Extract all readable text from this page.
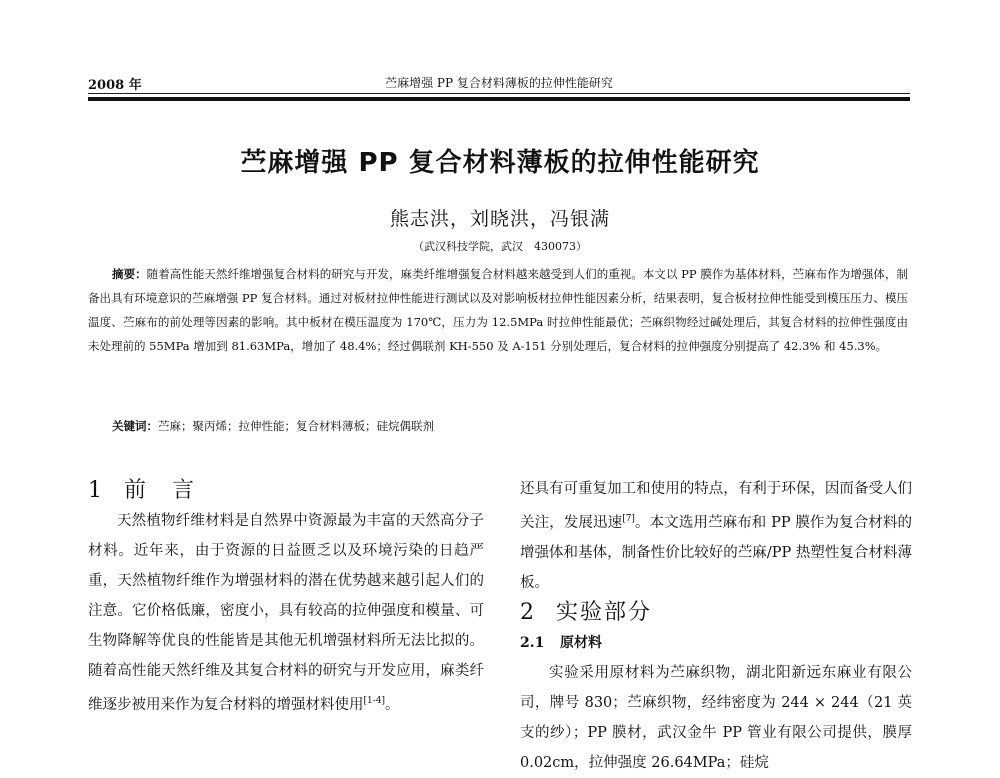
2008 年	苎麻增强 PP 复合材料薄板的拉伸性能研究
苎麻增强 PP 复合材料薄板的拉伸性能研究
熊志洪，刘晓洪，冯银满
（武汉科技学院，武汉　430073）
摘要：随着高性能天然纤维增强复合材料的研究与开发，麻类纤维增强复合材料越来越受到人们的重视。本文以 PP 膜作为基体材料，苎麻布作为增强体，制备出具有环境意识的苎麻增强 PP 复合材料。通过对板材拉伸性能进行测试以及对影响板材拉伸性能因素分析，结果表明，复合板材拉伸性能受到模压压力、模压温度、苎麻布的前处理等因素的影响。其中板材在模压温度为 170℃，压力为 12.5MPa 时拉伸性能最优；苎麻织物经过碱处理后，其复合材料的拉伸性强度由未处理前的 55MPa 增加到 81.63MPa，增加了 48.4%；经过偶联剂 KH-550 及 A-151 分别处理后，复合材料的拉伸强度分别提高了 42.3% 和 45.3%。
关键词：苎麻；聚丙烯；拉伸性能；复合材料薄板；硅烷偶联剂
1 前　言
天然植物纤维材料是自然界中资源最为丰富的天然高分子材料。近年来，由于资源的日益匮乏以及环境污染的日趋严重，天然植物纤维作为增强材料的潜在优势越来越引起人们的注意。它价格低廉，密度小，具有较高的拉伸强度和模量、可生物降解等优良的性能皆是其他无机增强材料所无法比拟的。随着高性能天然纤维及其复合材料的研究与开发应用，麻类纤维逐步被用来作为复合材料的增强材料使用[1-4]。
还具有可重复加工和使用的特点，有利于环保，因而备受人们关注，发展迅速[7]。本文选用苎麻布和 PP 膜作为复合材料的增强体和基体，制备性价比较好的苎麻/PP 热塑性复合材料薄板。
2 实验部分
2.1 原材料
实验采用原材料为苎麻织物，湖北阳新远东麻业有限公司，牌号 830；苎麻织物，经纬密度为 244 × 244（21 英支的纱）；PP 膜材，武汉金牛 PP 管业有限公司提供，膜厚 0.02cm，拉伸强度 26.64MPa；硅烷
